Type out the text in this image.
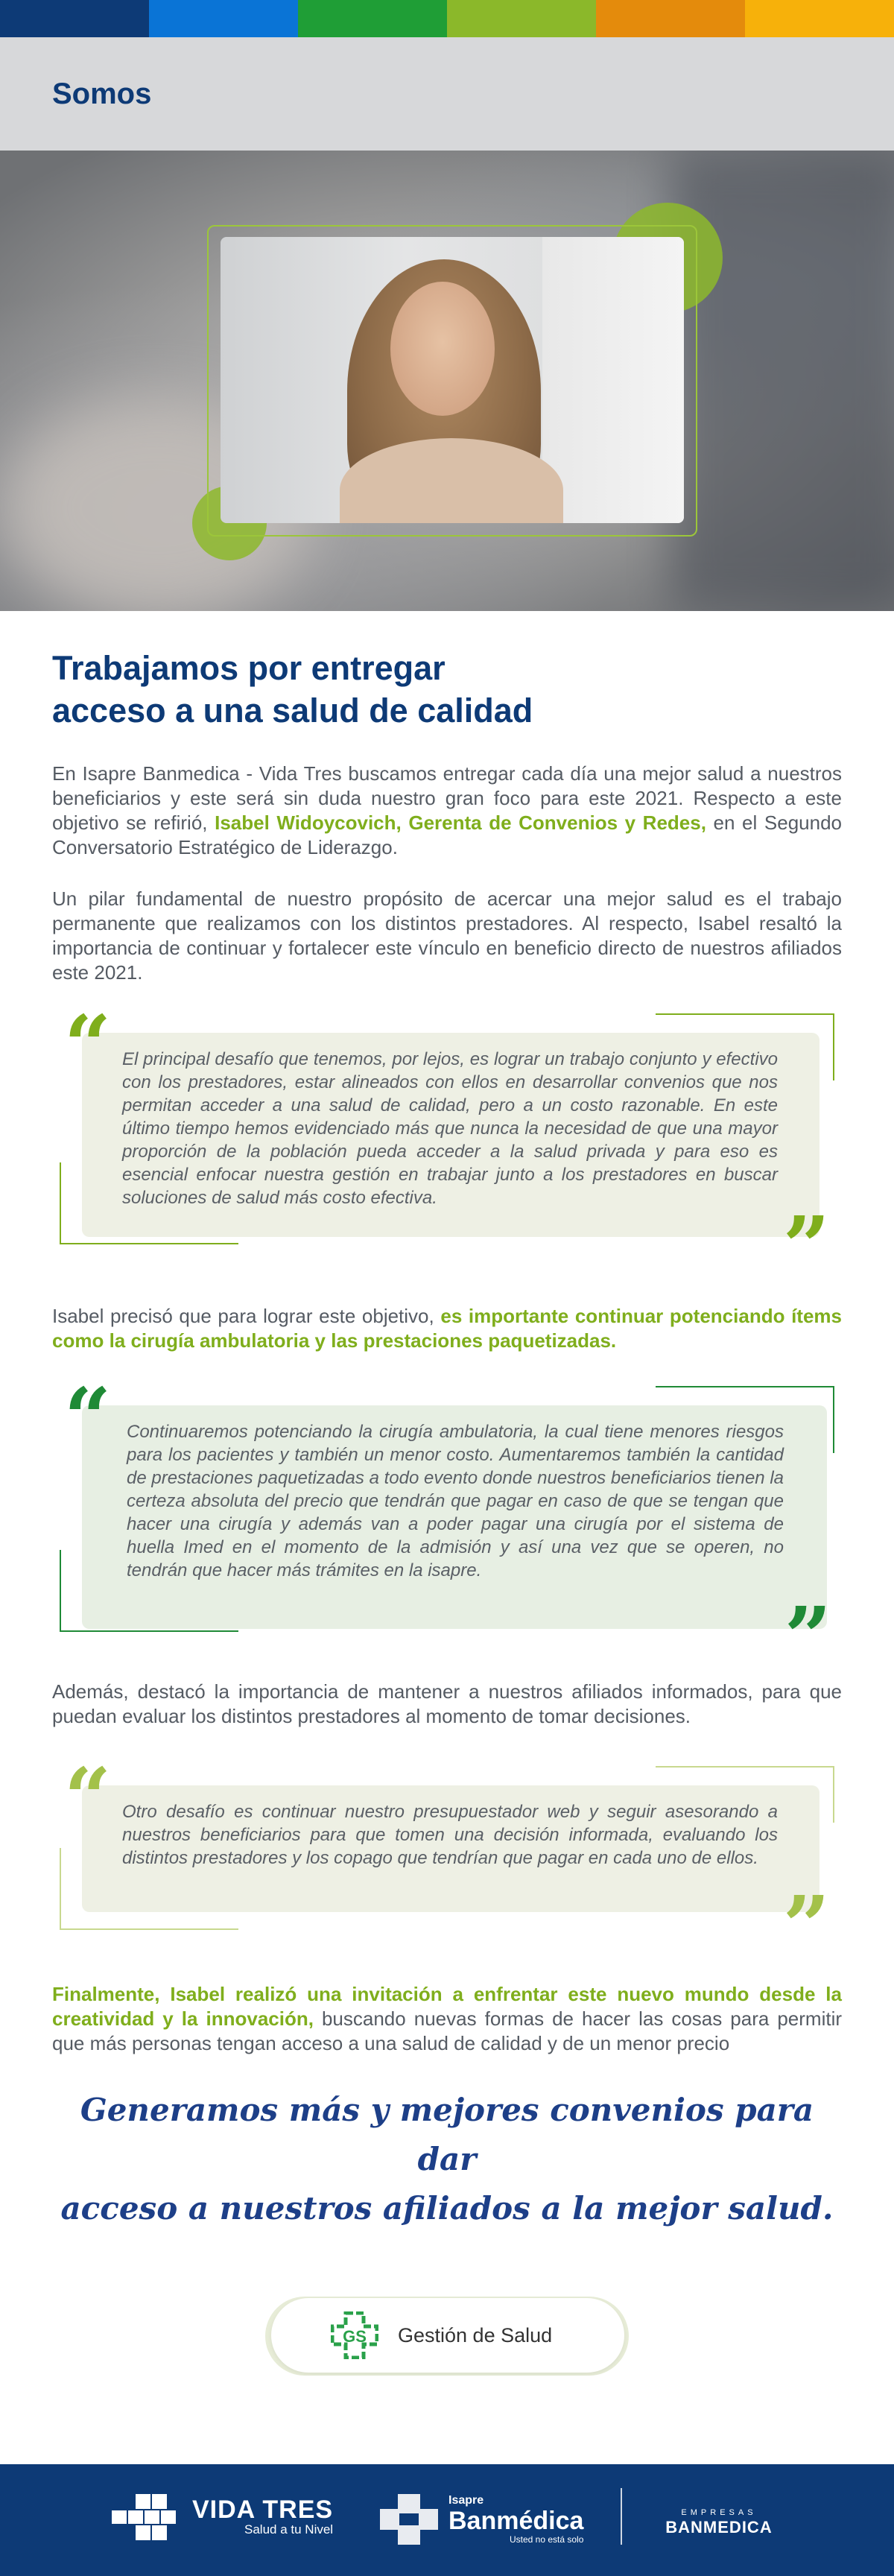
Somos
Trabajamos por entregar
acceso a una salud de calidad

En Isapre Banmedica - Vida Tres buscamos entregar cada día una mejor salud a nuestros beneficiarios y este será sin duda nuestro gran foco para este 2021. Respecto a este objetivo se refirió, Isabel Widoycovich, Gerenta de Convenios y Redes, en el Segundo Conversatorio Estratégico de Liderazgo.

Un pilar fundamental de nuestro propósito de acercar una mejor salud es el trabajo permanente que realizamos con los distintos prestadores. Al respecto, Isabel resaltó la importancia de continuar y fortalecer este vínculo en beneficio directo de nuestros afiliados este 2021.

El principal desafío que tenemos, por lejos, es lograr un trabajo conjunto y efectivo con los prestadores, estar alineados con ellos en desarrollar convenios que nos permitan acceder a una salud de calidad, pero a un costo razonable. En este último tiempo hemos evidenciado más que nunca la necesidad de que una mayor proporción de la población pueda acceder a la salud privada y para eso es esencial enfocar nuestra gestión en trabajar junto a los prestadores en buscar soluciones de salud más costo efectiva.

“
”

Isabel precisó que para lograr este objetivo, es importante continuar potenciando ítems como la cirugía ambulatoria y las prestaciones paquetizadas.

Continuaremos potenciando la cirugía ambulatoria, la cual tiene menores riesgos para los pacientes y también un menor costo. Aumentaremos también la cantidad de prestaciones paquetizadas a todo evento donde nuestros beneficiarios tienen la certeza absoluta del precio que tendrán que pagar en caso de que se tengan que hacer una cirugía y además van a poder pagar una cirugía por el sistema de huella Imed en el momento de la admisión y así una vez que se operen, no tendrán que hacer más trámites en la isapre.

“
”

Además, destacó la importancia de mantener a nuestros afiliados informados, para que puedan evaluar los distintos prestadores al momento de tomar decisiones.

Otro desafío es continuar nuestro presupuestador web y seguir asesorando a nuestros beneficiarios para que tomen una decisión informada, evaluando los distintos prestadores y los copago que tendrían que pagar en cada uno de ellos.

“
”

Finalmente, Isabel realizó una invitación a enfrentar este nuevo mundo desde la creatividad y la innovación, buscando nuevas formas de hacer las cosas para permitir que más personas tengan acceso a una salud de calidad y de un menor precio

Generamos más y mejores convenios para dar
acceso a nuestros afiliados a la mejor salud.
GS Gestión de Salud
VIDA TRES
Salud a tu Nivel
Isapre
Banmédica
Usted no está solo
EMPRESAS
BANMEDICA
